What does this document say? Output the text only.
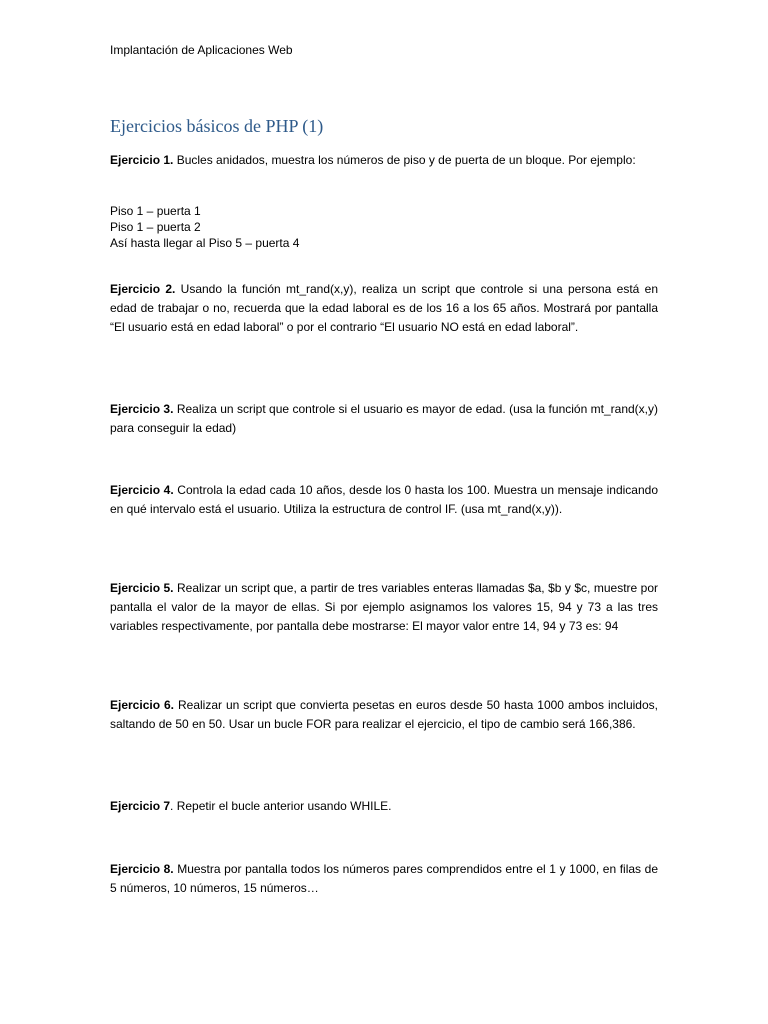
Implantación de Aplicaciones Web
Ejercicios básicos de PHP (1)
Ejercicio 1. Bucles anidados, muestra los números de piso y de puerta de un bloque. Por ejemplo:
Piso 1 – puerta 1
Piso 1 – puerta 2
Así hasta llegar al Piso 5 – puerta 4
Ejercicio 2. Usando la función mt_rand(x,y), realiza un script que controle si una persona está en edad de trabajar o no, recuerda que la edad laboral es de los 16 a los 65 años. Mostrará por pantalla “El usuario está en edad laboral” o por el contrario “El usuario NO está en edad laboral”.
Ejercicio 3. Realiza un script que controle si el usuario es mayor de edad. (usa la función mt_rand(x,y) para conseguir la edad)
Ejercicio 4. Controla la edad cada 10 años, desde los 0 hasta los 100. Muestra un mensaje indicando en qué intervalo está el usuario. Utiliza la estructura de control IF. (usa mt_rand(x,y)).
Ejercicio 5. Realizar un script que, a partir de tres variables enteras llamadas $a, $b y $c, muestre por pantalla el valor de la mayor de ellas. Si por ejemplo asignamos los valores 15, 94 y 73 a las tres variables respectivamente, por pantalla debe mostrarse: El mayor valor entre 14, 94 y 73 es: 94
Ejercicio 6. Realizar un script que convierta pesetas en euros desde 50 hasta 1000 ambos incluidos, saltando de 50 en 50. Usar un bucle FOR para realizar el ejercicio, el tipo de cambio será 166,386.
Ejercicio 7. Repetir el bucle anterior usando WHILE.
Ejercicio 8. Muestra por pantalla todos los números pares comprendidos entre el 1 y 1000, en filas de 5 números, 10 números, 15 números…
